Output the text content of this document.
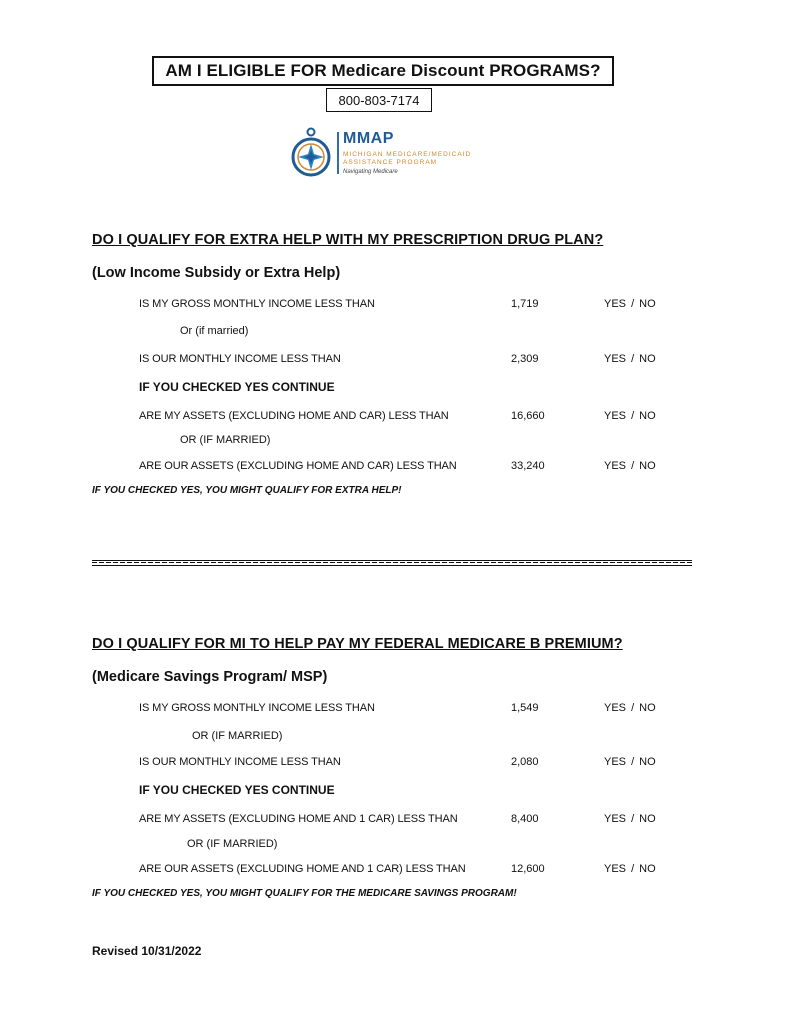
AM I ELIGIBLE FOR Medicare Discount PROGRAMS?
800-803-7174
MMAP
MICHIGAN MEDICARE/MEDICAID ASSISTANCE PROGRAM
Navigating Medicare
DO I QUALIFY FOR EXTRA HELP WITH MY PRESCRIPTION DRUG PLAN?
(Low Income Subsidy or Extra Help)
IS MY GROSS MONTHLY INCOME LESS THAN	1,719	YES / NO
Or (if married)
IS OUR MONTHLY INCOME LESS THAN	2,309	YES / NO
IF YOU CHECKED YES CONTINUE
ARE MY ASSETS (EXCLUDING HOME AND CAR) LESS THAN	16,660	YES / NO
OR (IF MARRIED)
ARE OUR ASSETS (EXCLUDING HOME AND CAR) LESS THAN	33,240	YES / NO
IF YOU CHECKED YES, YOU MIGHT QUALIFY FOR EXTRA HELP!
DO I QUALIFY FOR MI TO HELP PAY MY FEDERAL MEDICARE B PREMIUM?
(Medicare Savings Program/ MSP)
IS MY GROSS MONTHLY INCOME LESS THAN	1,549	YES / NO
OR (IF MARRIED)
IS OUR MONTHLY INCOME LESS THAN	2,080	YES / NO
IF YOU CHECKED YES CONTINUE
ARE MY ASSETS (EXCLUDING HOME AND 1 CAR) LESS THAN	8,400	YES / NO
OR (IF MARRIED)
ARE OUR ASSETS (EXCLUDING HOME AND 1 CAR) LESS THAN	12,600	YES / NO
IF YOU CHECKED YES, YOU MIGHT QUALIFY FOR THE MEDICARE SAVINGS PROGRAM!
Revised 10/31/2022
